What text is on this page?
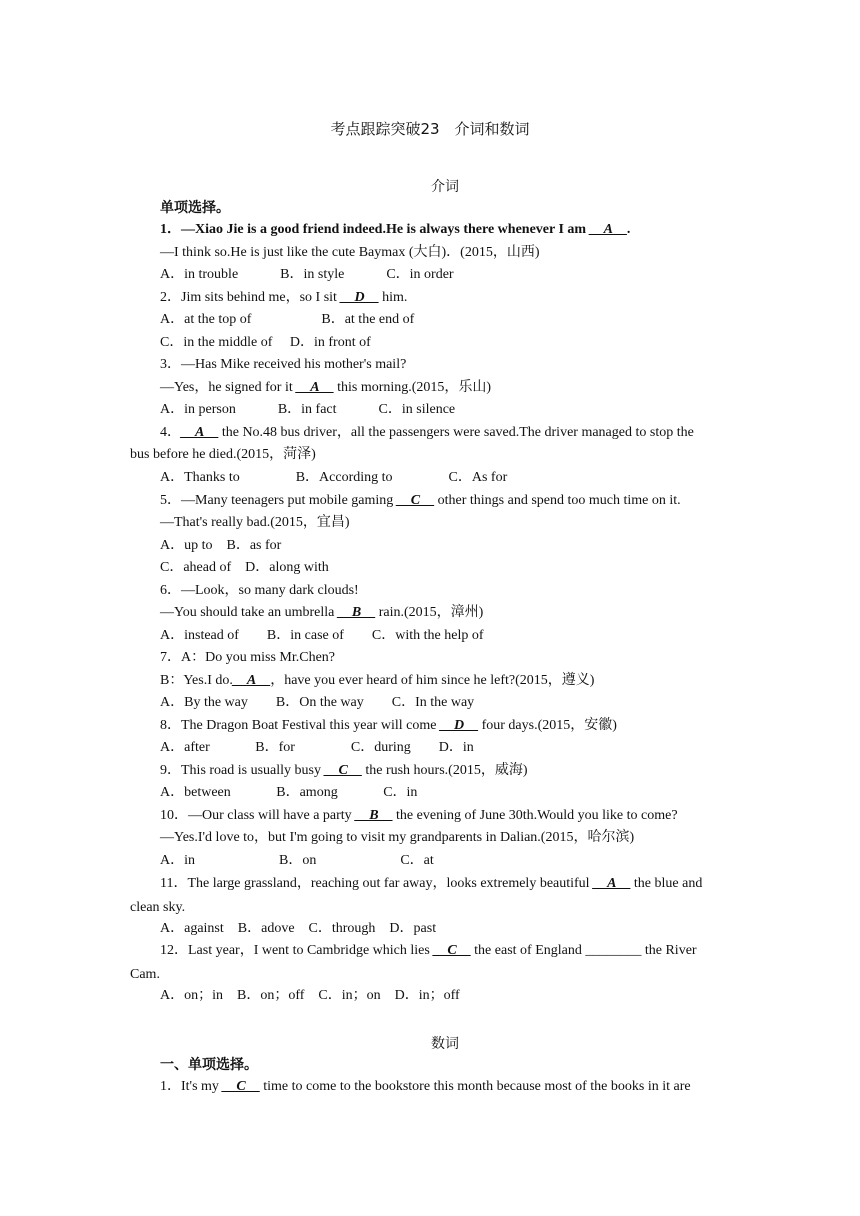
考点跟踪突破23　介词和数词
介词
单项选择。
1．—Xiao Jie is a good friend indeed.He is always there whenever I am __A__.
—I think so.He is just like the cute Baymax (大白)．(2015，山西)
A．in trouble　　　B．in style　　　C．in order
2．Jim sits behind me，so I sit __D__ him.
A．at the top of　　　　　B．at the end of
C．in the middle of　 D．in front of
3．—Has Mike received his mother's mail?
—Yes，he signed for it __A__ this morning.(2015，乐山)
A．in person　　　B．in fact　　　C．in silence
4．__A__ the No.48 bus driver，all the passengers were saved.The driver managed to stop the
bus before he died.(2015，菏泽)
A．Thanks to　　　　B．According to　　　　C．As for
5．—Many teenagers put mobile gaming __C__ other things and spend too much time on it.
—That's really bad.(2015，宜昌)
A．up to　B．as for
C．ahead of　D．along with
6．—Look，so many dark clouds!
—You should take an umbrella __B__ rain.(2015，漳州)
A．instead of　　B．in case of　　C．with the help of
7．A：Do you miss Mr.Chen?
B：Yes.I do.__A__，have you ever heard of him since he left?(2015，遵义)
A．By the way　　B．On the way　　C．In the way
8．The Dragon Boat Festival this year will come __D__ four days.(2015，安徽)
A．after　　　 B．for　　　　C．during　　D．in
9．This road is usually busy __C__ the rush hours.(2015，威海)
A．between　　　 B．among　　　 C．in
10．—Our class will have a party __B__ the evening of June 30th.Would you like to come?
—Yes.I'd love to，but I'm going to visit my grandparents in Dalian.(2015，哈尔滨)
A．in　　　　　　B．on　　　　　　C．at
11．The large grassland，reaching out far away，looks extremely beautiful __A__ the blue and
clean sky.
A．against　B．adove　C．through　D．past
12．Last year，I went to Cambridge which lies __C__ the east of England ________ the River
Cam.
A．on；in　B．on；off　C．in；on　D．in；off
数词
一、单项选择。
1．It's my __C__ time to come to the bookstore this month because most of the books in it are
